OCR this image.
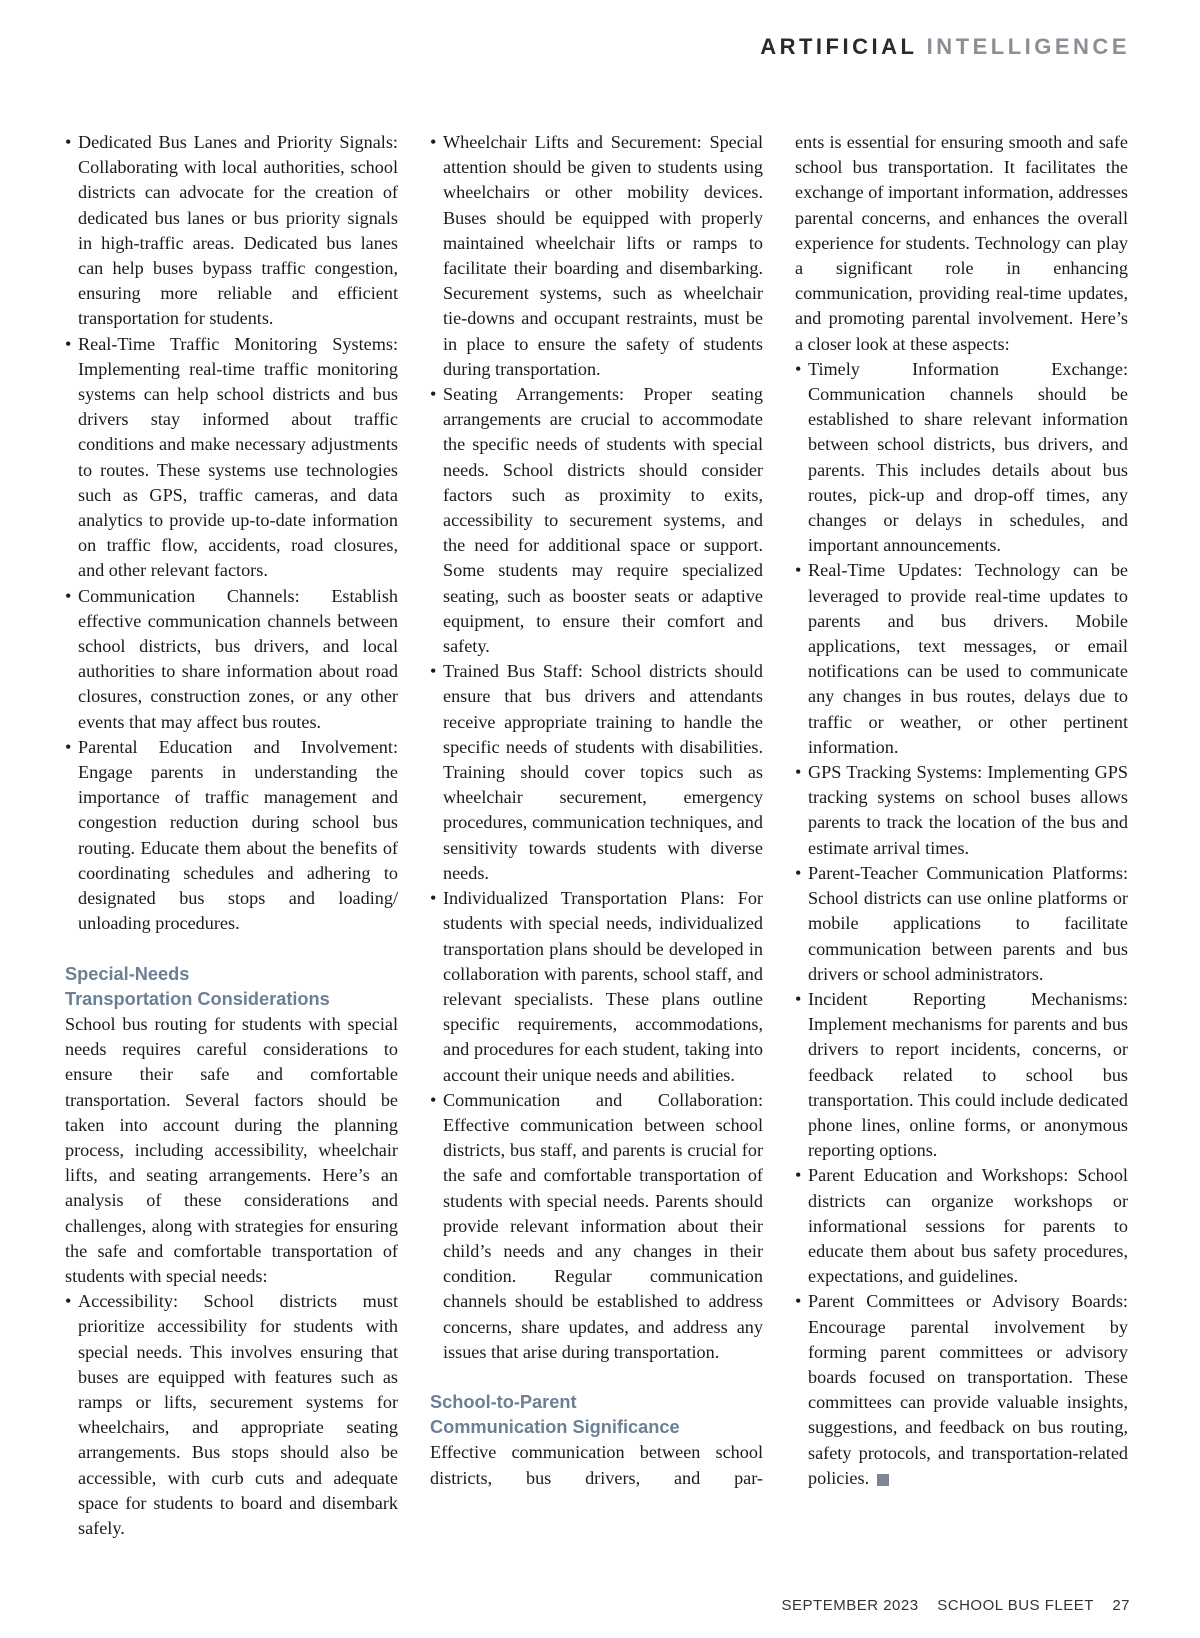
ARTIFICIAL INTELLIGENCE
• Dedicated Bus Lanes and Priority Signals: Collaborating with local authorities, school districts can advocate for the creation of dedicated bus lanes or bus priority signals in high-traffic areas. Dedicated bus lanes can help buses bypass traffic congestion, ensuring more reliable and efficient transportation for students.
• Real-Time Traffic Monitoring Systems: Implementing real-time traffic monitoring systems can help school districts and bus drivers stay informed about traffic conditions and make necessary adjustments to routes. These systems use technologies such as GPS, traffic cameras, and data analytics to provide up-to-date information on traffic flow, accidents, road closures, and other relevant factors.
• Communication Channels: Establish effective communication channels between school districts, bus drivers, and local authorities to share information about road closures, construction zones, or any other events that may affect bus routes.
• Parental Education and Involvement: Engage parents in understanding the importance of traffic management and congestion reduction during school bus routing. Educate them about the benefits of coordinating schedules and adhering to designated bus stops and loading/ unloading procedures.
Special-Needs
Transportation Considerations

School bus routing for students with special needs requires careful considerations to ensure their safe and comfortable transportation. Several factors should be taken into account during the planning process, including accessibility, wheelchair lifts, and seating arrangements. Here’s an analysis of these considerations and challenges, along with strategies for ensuring the safe and comfortable transportation of students with special needs:

• Accessibility: School districts must prioritize accessibility for students with special needs. This involves ensuring that buses are equipped with features such as ramps or lifts, securement systems for wheelchairs, and appropriate seating arrangements. Bus stops should also be accessible, with curb cuts and adequate space for students to board and disembark safely.
• Wheelchair Lifts and Securement: Special attention should be given to students using wheelchairs or other mobility devices. Buses should be equipped with properly maintained wheelchair lifts or ramps to facilitate their boarding and disembarking. Securement systems, such as wheelchair tie-downs and occupant restraints, must be in place to ensure the safety of students during transportation.
• Seating Arrangements: Proper seating arrangements are crucial to accommodate the specific needs of students with special needs. School districts should consider factors such as proximity to exits, accessibility to securement systems, and the need for additional space or support. Some students may require specialized seating, such as booster seats or adaptive equipment, to ensure their comfort and safety.
• Trained Bus Staff: School districts should ensure that bus drivers and attendants receive appropriate training to handle the specific needs of students with disabilities. Training should cover topics such as wheelchair securement, emergency procedures, communication techniques, and sensitivity towards students with diverse needs.
• Individualized Transportation Plans: For students with special needs, individualized transportation plans should be developed in collaboration with parents, school staff, and relevant specialists. These plans outline specific requirements, accommodations, and procedures for each student, taking into account their unique needs and abilities.
• Communication and Collaboration: Effective communication between school districts, bus staff, and parents is crucial for the safe and comfortable transportation of students with special needs. Parents should provide relevant information about their child’s needs and any changes in their condition. Regular communication channels should be established to address concerns, share updates, and address any issues that arise during transportation.
School-to-Parent
Communication Significance

Effective communication between school districts, bus drivers, and par-

ents is essential for ensuring smooth and safe school bus transportation. It facilitates the exchange of important information, addresses parental concerns, and enhances the overall experience for students. Technology can play a significant role in enhancing communication, providing real-time updates, and promoting parental involvement. Here’s a closer look at these aspects:

• Timely Information Exchange: Communication channels should be established to share relevant information between school districts, bus drivers, and parents. This includes details about bus routes, pick-up and drop-off times, any changes or delays in schedules, and important announcements.
• Real-Time Updates: Technology can be leveraged to provide real-time updates to parents and bus drivers. Mobile applications, text messages, or email notifications can be used to communicate any changes in bus routes, delays due to traffic or weather, or other pertinent information.
• GPS Tracking Systems: Implementing GPS tracking systems on school buses allows parents to track the location of the bus and estimate arrival times.
• Parent-Teacher Communication Platforms: School districts can use online platforms or mobile applications to facilitate communication between parents and bus drivers or school administrators.
• Incident Reporting Mechanisms: Implement mechanisms for parents and bus drivers to report incidents, concerns, or feedback related to school bus transportation. This could include dedicated phone lines, online forms, or anonymous reporting options.
• Parent Education and Workshops: School districts can organize workshops or informational sessions for parents to educate them about bus safety procedures, expectations, and guidelines.
• Parent Committees or Advisory Boards: Encourage parental involvement by forming parent committees or advisory boards focused on transportation. These committees can provide valuable insights, suggestions, and feedback on bus routing, safety protocols, and transportation-related policies.
SEPTEMBER 2023 SCHOOL BUS FLEET 27
